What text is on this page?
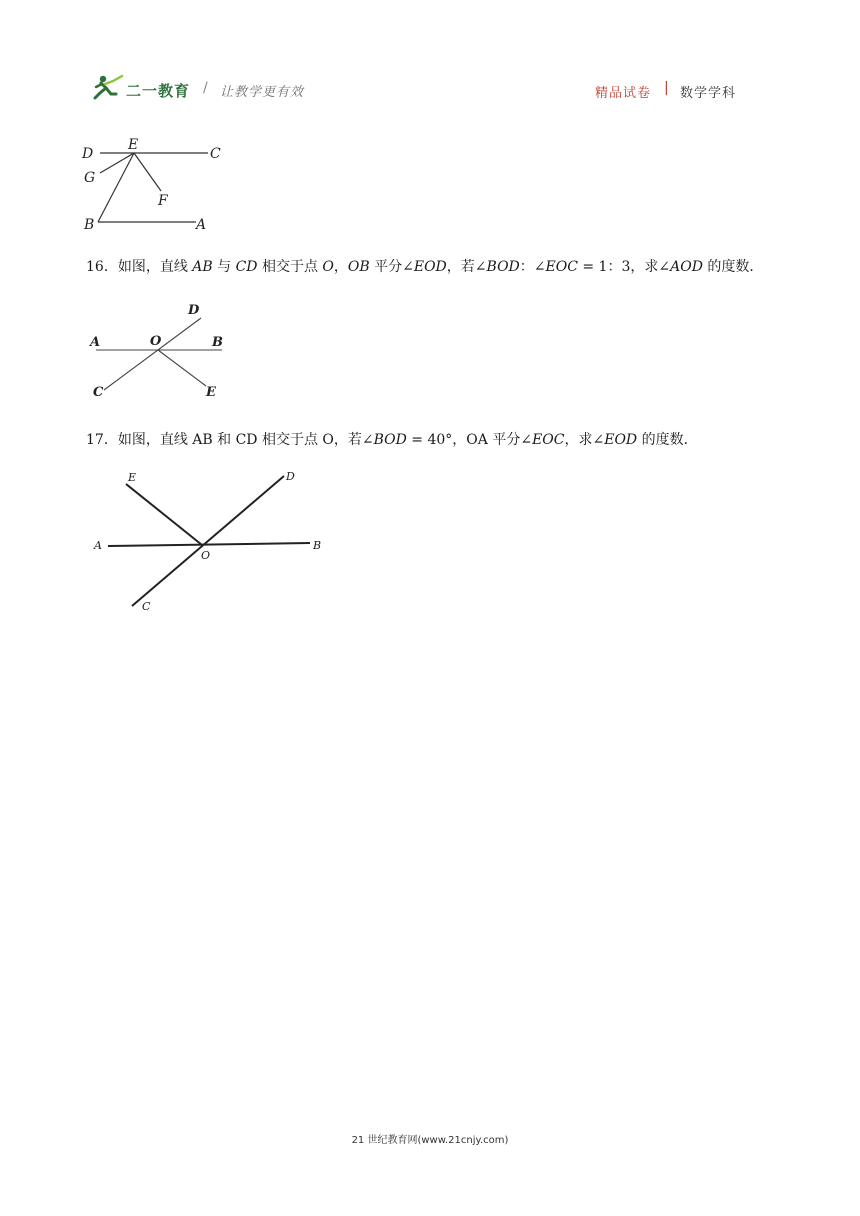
二一教育 / 让教学更有效	精品试卷 | 数学学科
D
E
C
G
F
B	A
16．如图，直线 AB 与 CD 相交于点 O，OB 平分∠EOD，若∠BOD：∠EOC = 1：3，求∠AOD 的度数．
A	O	B
D
C	E
17．如图，直线 AB 和 CD 相交于点 O，若∠BOD = 40°，OA 平分∠EOC，求∠EOD 的度数．
E	D
A
O
B
C
21 世纪教育网(www.21cnjy.com)
